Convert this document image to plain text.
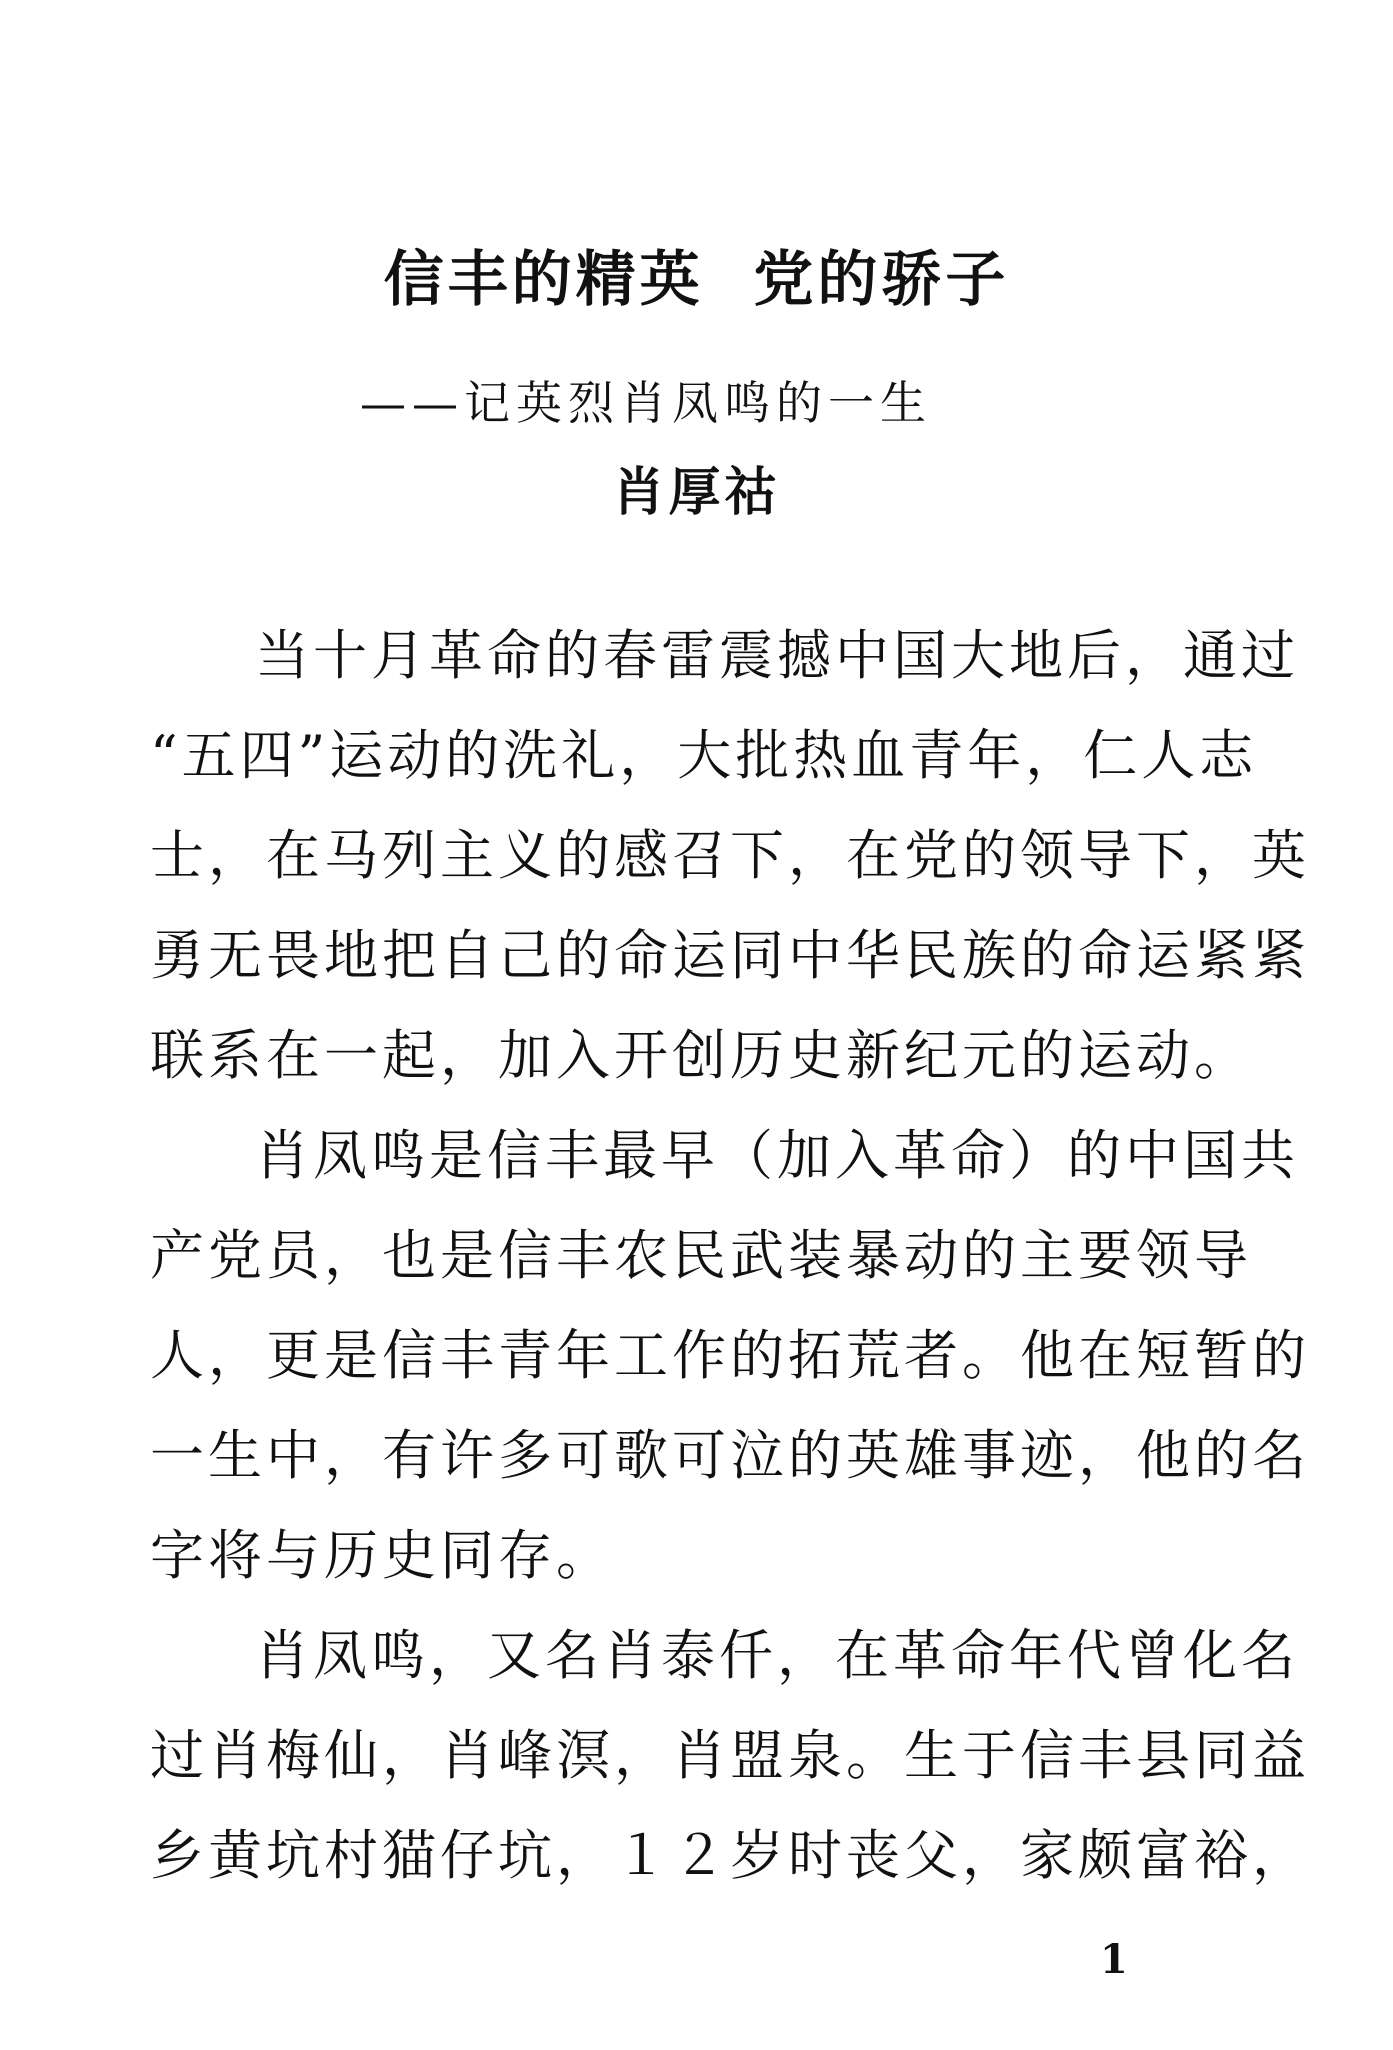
信丰的精英  党的骄子
——记英烈肖凤鸣的一生
肖厚祜
当十月革命的春雷震撼中国大地后，通过
“五四”运动的洗礼，大批热血青年，仁人志
士，在马列主义的感召下，在党的领导下，英
勇无畏地把自己的命运同中华民族的命运紧紧
联系在一起，加入开创历史新纪元的运动。
肖凤鸣是信丰最早（加入革命）的中国共
产党员，也是信丰农民武装暴动的主要领导
人，更是信丰青年工作的拓荒者。他在短暂的
一生中，有许多可歌可泣的英雄事迹，他的名
字将与历史同存。
肖凤鸣，又名肖泰仟，在革命年代曾化名
过肖梅仙，肖峰溟，肖盟泉。生于信丰县同益
乡黄坑村猫仔坑，１２岁时丧父，家颇富裕，
1
